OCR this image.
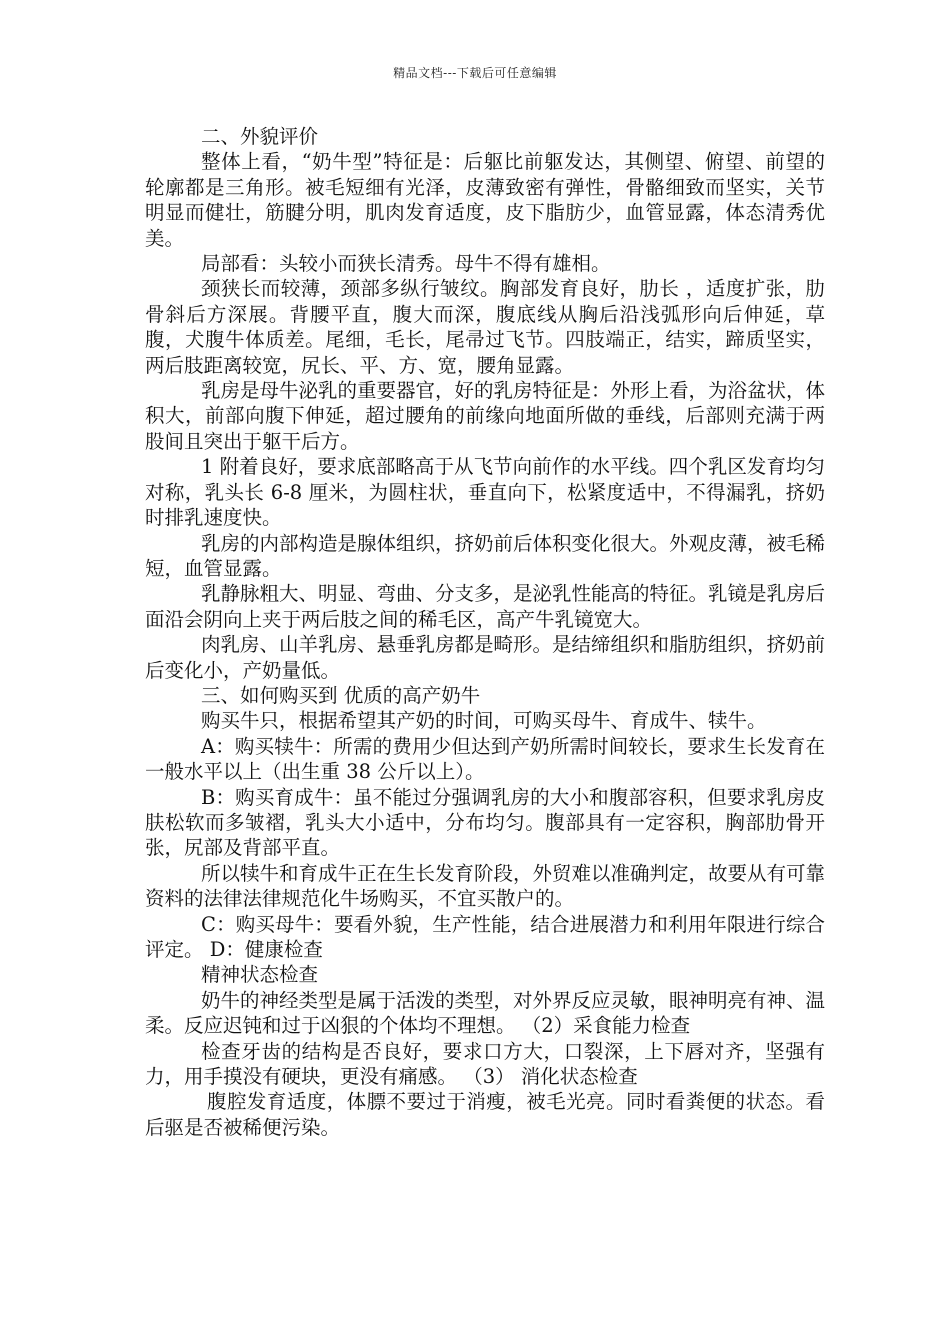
精品文档---下载后可任意编辑

二、外貌评价

整体上看，“奶牛型”特征是：后躯比前躯发达，其侧望、俯望、前望的轮廓都是三角形。被毛短细有光泽，皮薄致密有弹性，骨骼细致而坚实，关节明显而健壮，筋腱分明，肌肉发育适度，皮下脂肪少，血管显露，体态清秀优美。

局部看：头较小而狭长清秀。母牛不得有雄相。

颈狭长而较薄，颈部多纵行皱纹。胸部发育良好，肋长 ，适度扩张，肋骨斜后方深展。背腰平直，腹大而深，腹底线从胸后沿浅弧形向后伸延，草腹，犬腹牛体质差。尾细，毛长，尾帚过飞节。四肢端正，结实，蹄质坚实，两后肢距离较宽，尻长、平、方、宽，腰角显露。

乳房是母牛泌乳的重要器官，好的乳房特征是：外形上看，为浴盆状，体积大，前部向腹下伸延，超过腰角的前缘向地面所做的垂线，后部则充满于两股间且突出于躯干后方。

1 附着良好，要求底部略高于从飞节向前作的水平线。四个乳区发育均匀对称，乳头长 6-8 厘米，为圆柱状，垂直向下，松紧度适中，不得漏乳，挤奶时排乳速度快。

乳房的内部构造是腺体组织，挤奶前后体积变化很大。外观皮薄，被毛稀短，血管显露。

乳静脉粗大、明显、弯曲、分支多，是泌乳性能高的特征。乳镜是乳房后面沿会阴向上夹于两后肢之间的稀毛区，高产牛乳镜宽大。

肉乳房、山羊乳房、悬垂乳房都是畸形。是结缔组织和脂肪组织，挤奶前后变化小，产奶量低。

三、如何购买到 优质的高产奶牛

购买牛只，根据希望其产奶的时间，可购买母牛、育成牛、犊牛。

A：购买犊牛：所需的费用少但达到产奶所需时间较长，要求生长发育在一般水平以上（出生重 38 公斤以上）。

B：购买育成牛：虽不能过分强调乳房的大小和腹部容积，但要求乳房皮肤松软而多皱褶，乳头大小适中，分布均匀。腹部具有一定容积，胸部肋骨开张，尻部及背部平直。

所以犊牛和育成牛正在生长发育阶段，外贸难以准确判定，故要从有可靠资料的法律法律规范化牛场购买，不宜买散户的。

C：购买母牛：要看外貌，生产性能，结合进展潜力和利用年限进行综合评定。 D：健康检查

精神状态检查

奶牛的神经类型是属于活泼的类型，对外界反应灵敏，眼神明亮有神、温柔。反应迟钝和过于凶狠的个体均不理想。 （2）采食能力检查

检查牙齿的结构是否良好，要求口方大，口裂深，上下唇对齐，坚强有力，用手摸没有硬块，更没有痛感。 （3） 消化状态检查

腹腔发育适度，体膘不要过于消瘦，被毛光亮。同时看粪便的状态。看后驱是否被稀便污染。
